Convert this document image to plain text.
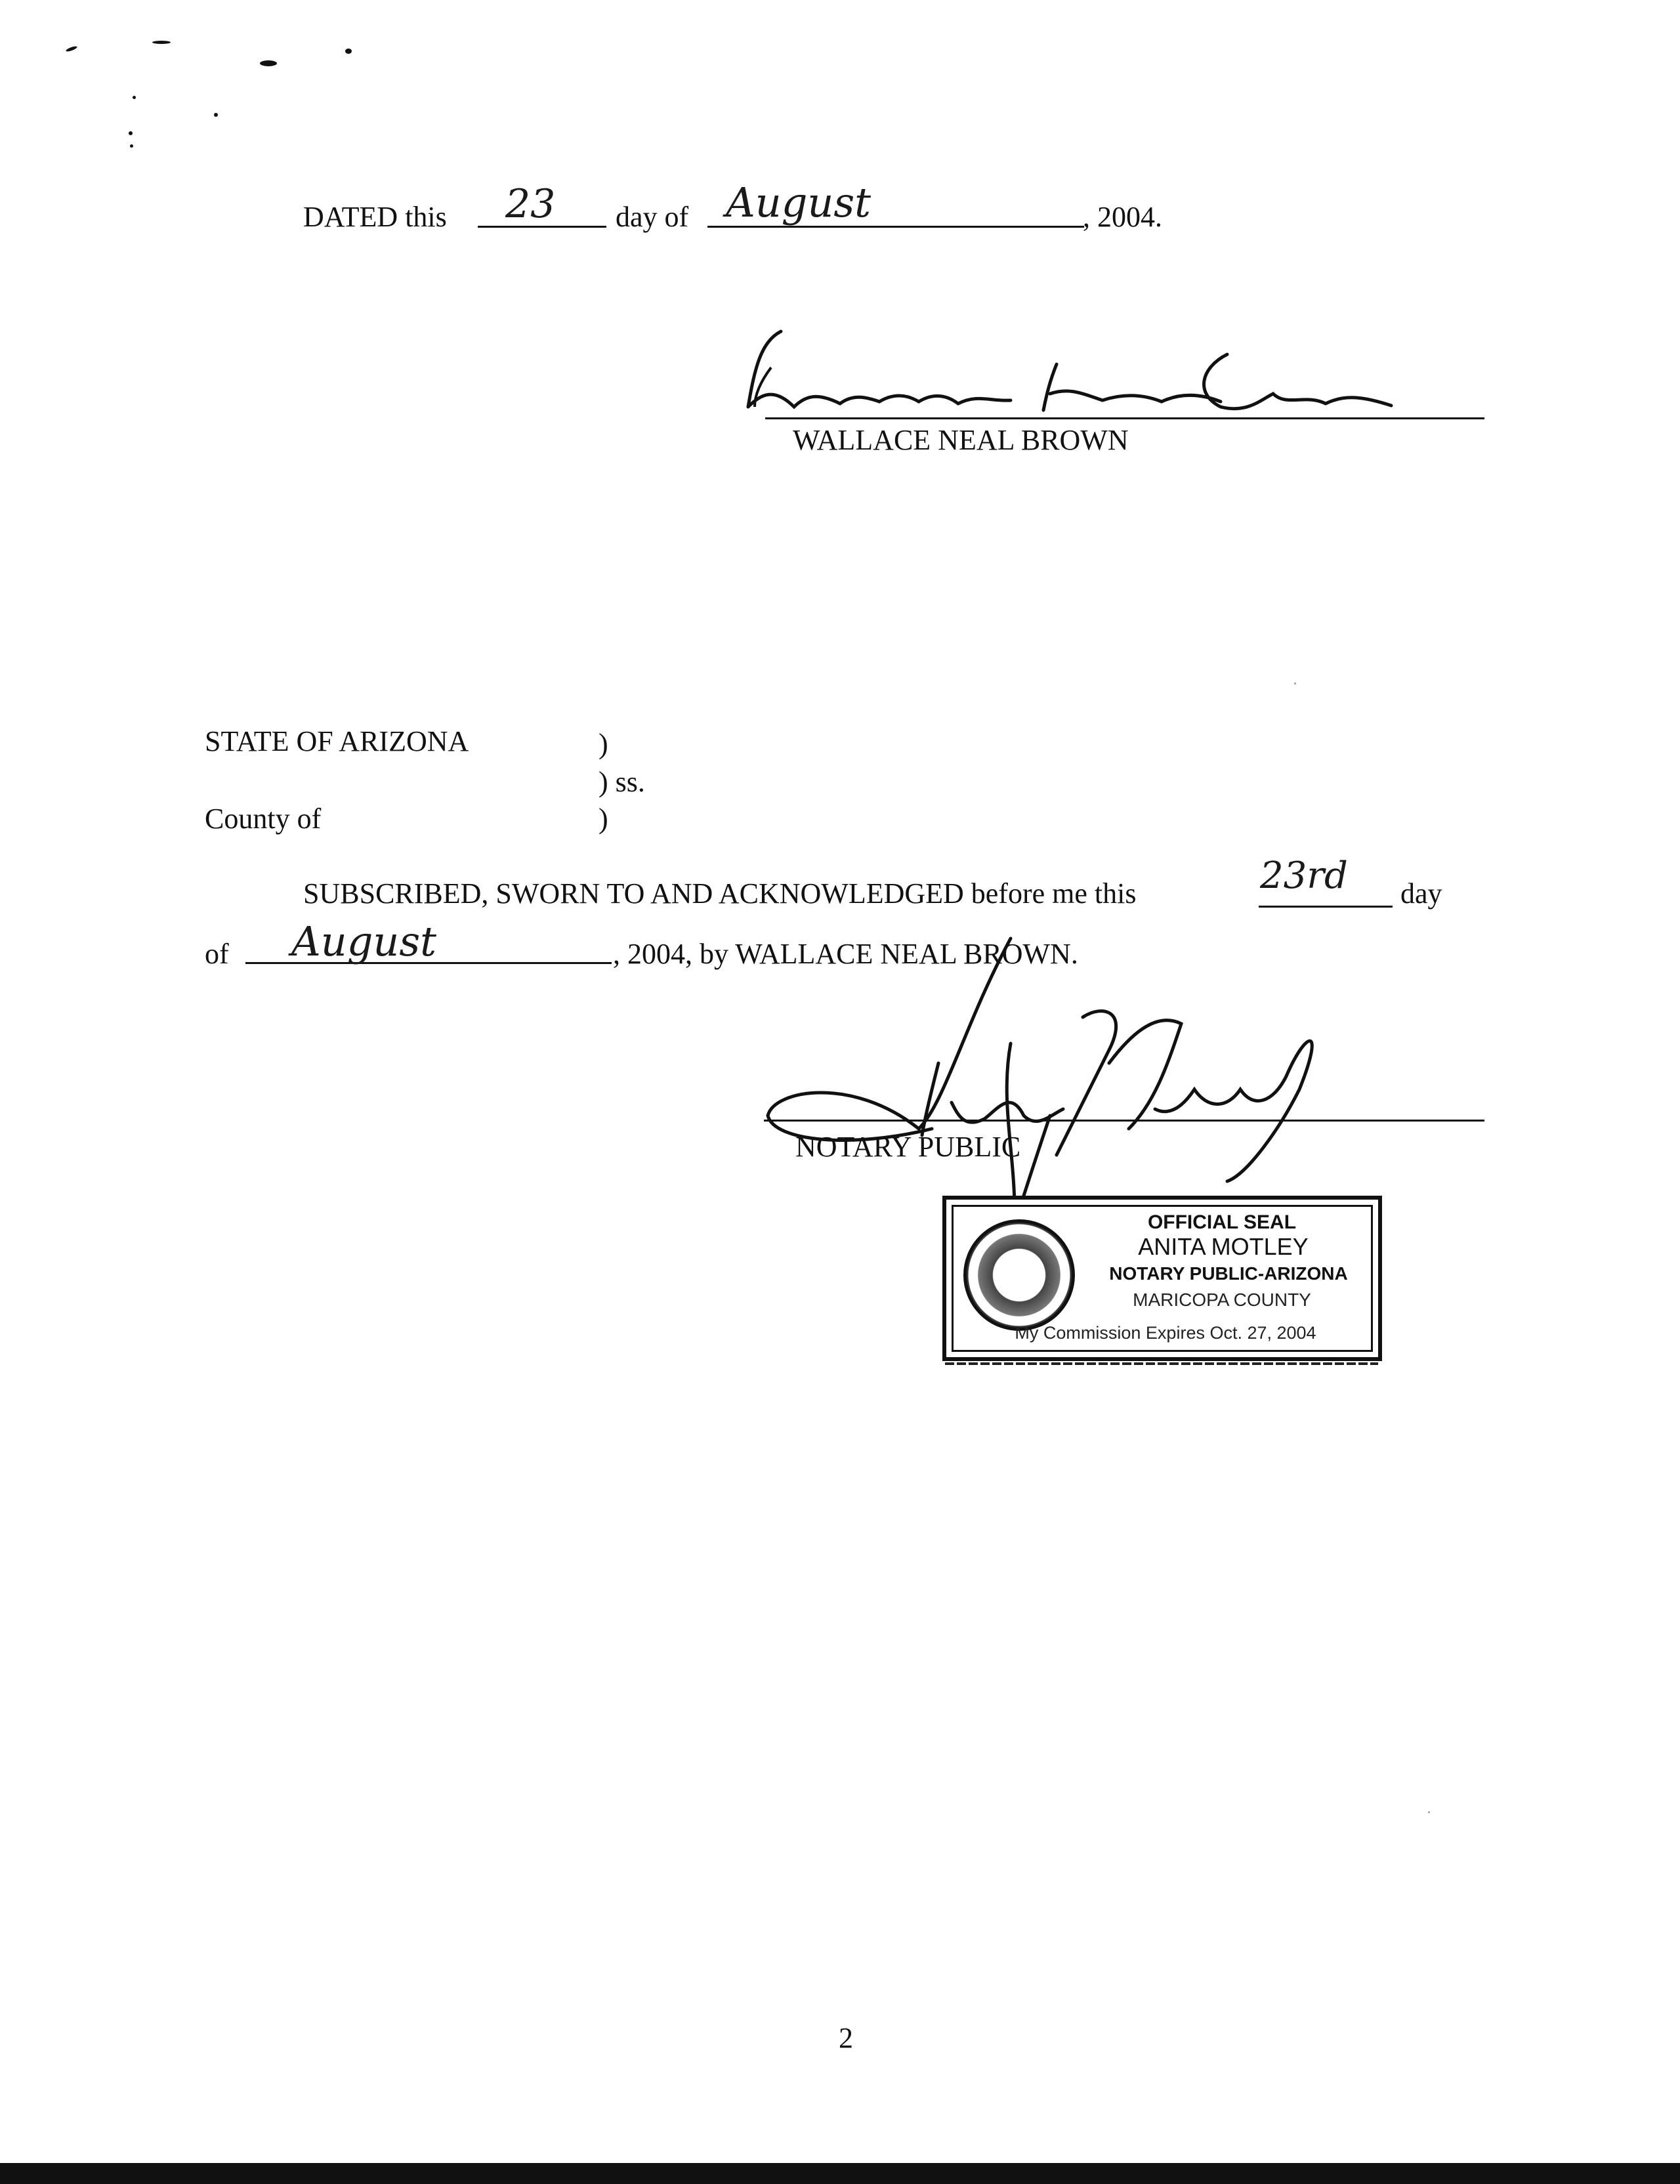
DATED this 23 day of August	, 2004.
WALLACE NEAL BROWN
STATE OF ARIZONA	)
) ss.
County of	)
SUBSCRIBED, SWORN TO AND ACKNOWLEDGED before me this	23rd day
of August	, 2004, by WALLACE NEAL BROWN.
NOTARY PUBLIC
OFFICIAL SEAL
ANITA MOTLEY
NOTARY PUBLIC-ARIZONA
MARICOPA COUNTY
My Commission Expires Oct. 27, 2004
2
